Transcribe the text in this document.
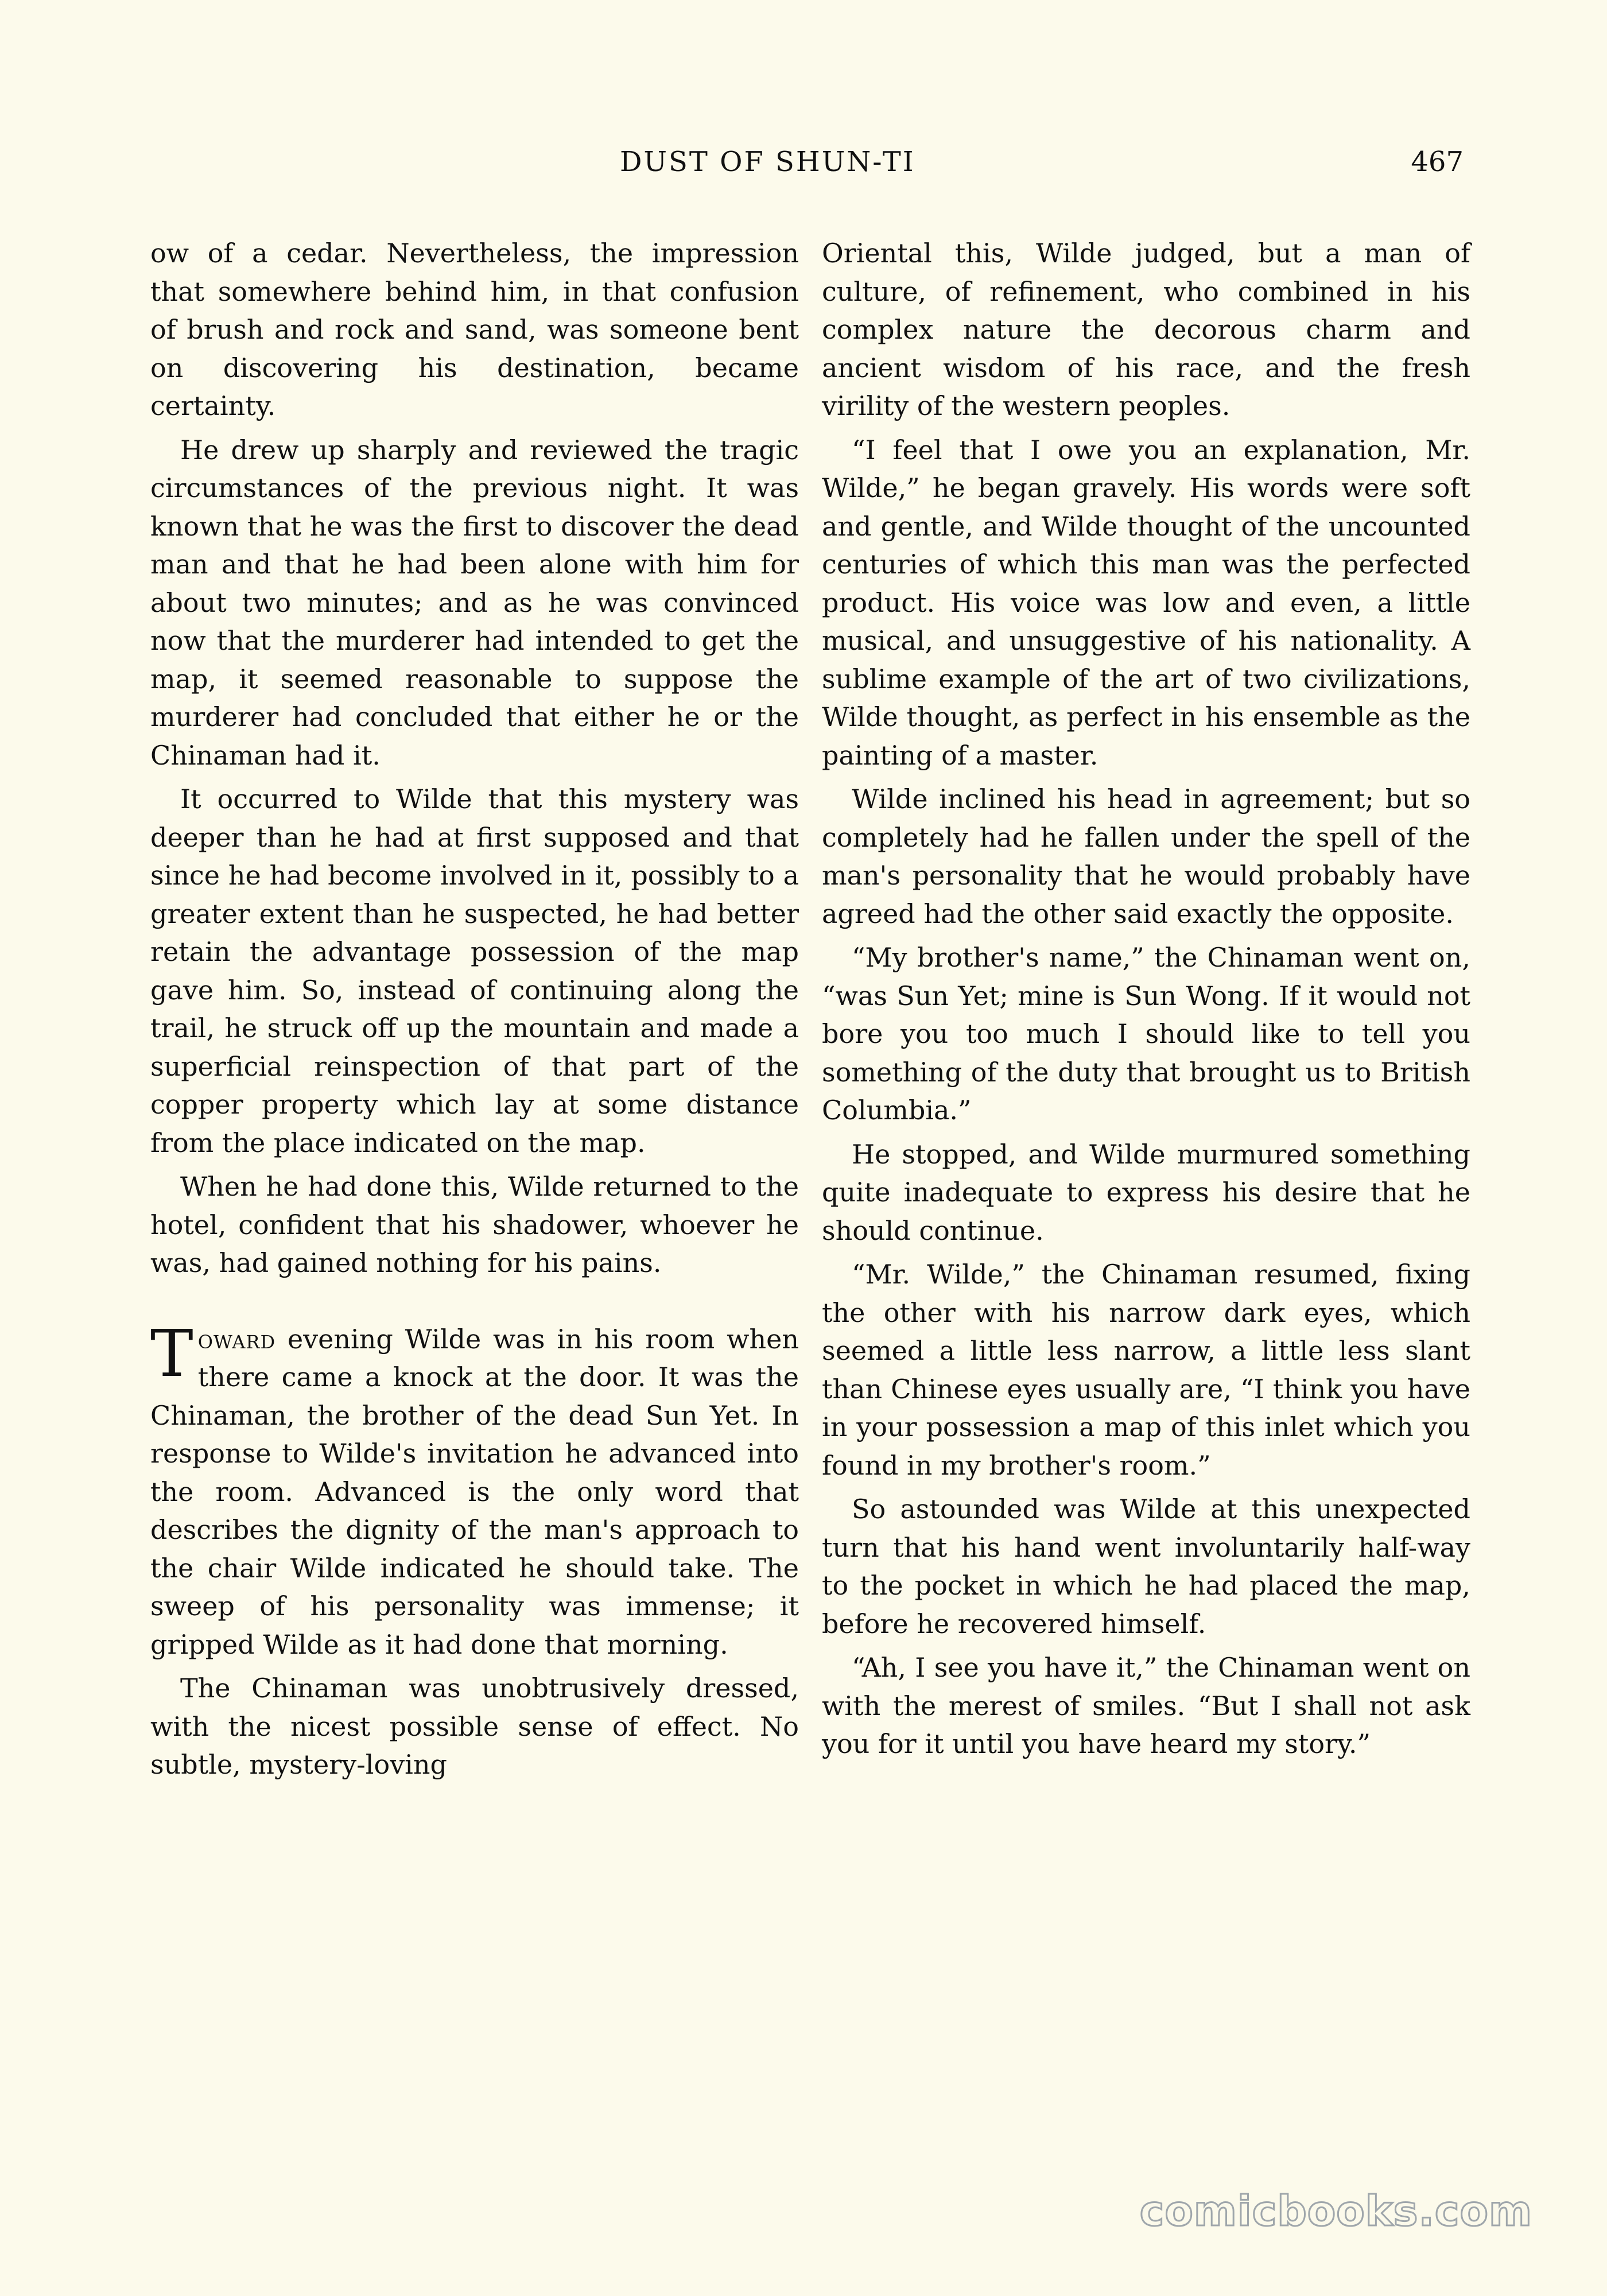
DUST OF SHUN-TI	467

ow of a cedar. Nevertheless, the impression that somewhere behind him, in that confusion of brush and rock and sand, was someone bent on discovering his destination, became certainty.

He drew up sharply and reviewed the tragic circumstances of the previous night. It was known that he was the first to discover the dead man and that he had been alone with him for about two minutes; and as he was convinced now that the murderer had intended to get the map, it seemed reasonable to suppose the murderer had concluded that either he or the Chinaman had it.

It occurred to Wilde that this mystery was deeper than he had at first supposed and that since he had become involved in it, possibly to a greater extent than he suspected, he had better retain the advantage possession of the map gave him. So, instead of continuing along the trail, he struck off up the mountain and made a superficial reinspection of that part of the copper property which lay at some distance from the place indicated on the map.

When he had done this, Wilde returned to the hotel, confident that his shadower, whoever he was, had gained nothing for his pains.

Toward evening Wilde was in his room when there came a knock at the door. It was the Chinaman, the brother of the dead Sun Yet. In response to Wilde's invitation he advanced into the room. Advanced is the only word that describes the dignity of the man's approach to the chair Wilde indicated he should take. The sweep of his personality was immense; it gripped Wilde as it had done that morning.

The Chinaman was unobtrusively dressed, with the nicest possible sense of effect. No subtle, mystery-loving

Oriental this, Wilde judged, but a man of culture, of refinement, who combined in his complex nature the decorous charm and ancient wisdom of his race, and the fresh virility of the western peoples.

“I feel that I owe you an explanation, Mr. Wilde,” he began gravely. His words were soft and gentle, and Wilde thought of the uncounted centuries of which this man was the perfected product. His voice was low and even, a little musical, and unsuggestive of his nationality. A sublime example of the art of two civilizations, Wilde thought, as perfect in his ensemble as the painting of a master.

Wilde inclined his head in agreement; but so completely had he fallen under the spell of the man's personality that he would probably have agreed had the other said exactly the opposite.

“My brother's name,” the Chinaman went on, “was Sun Yet; mine is Sun Wong. If it would not bore you too much I should like to tell you something of the duty that brought us to British Columbia.”

He stopped, and Wilde murmured something quite inadequate to express his desire that he should continue.

“Mr. Wilde,” the Chinaman resumed, fixing the other with his narrow dark eyes, which seemed a little less narrow, a little less slant than Chinese eyes usually are, “I think you have in your possession a map of this inlet which you found in my brother's room.”

So astounded was Wilde at this unexpected turn that his hand went involuntarily half-way to the pocket in which he had placed the map, before he recovered himself.

“Ah, I see you have it,” the Chinaman went on with the merest of smiles. “But I shall not ask you for it until you have heard my story.”

comicbooks.com
